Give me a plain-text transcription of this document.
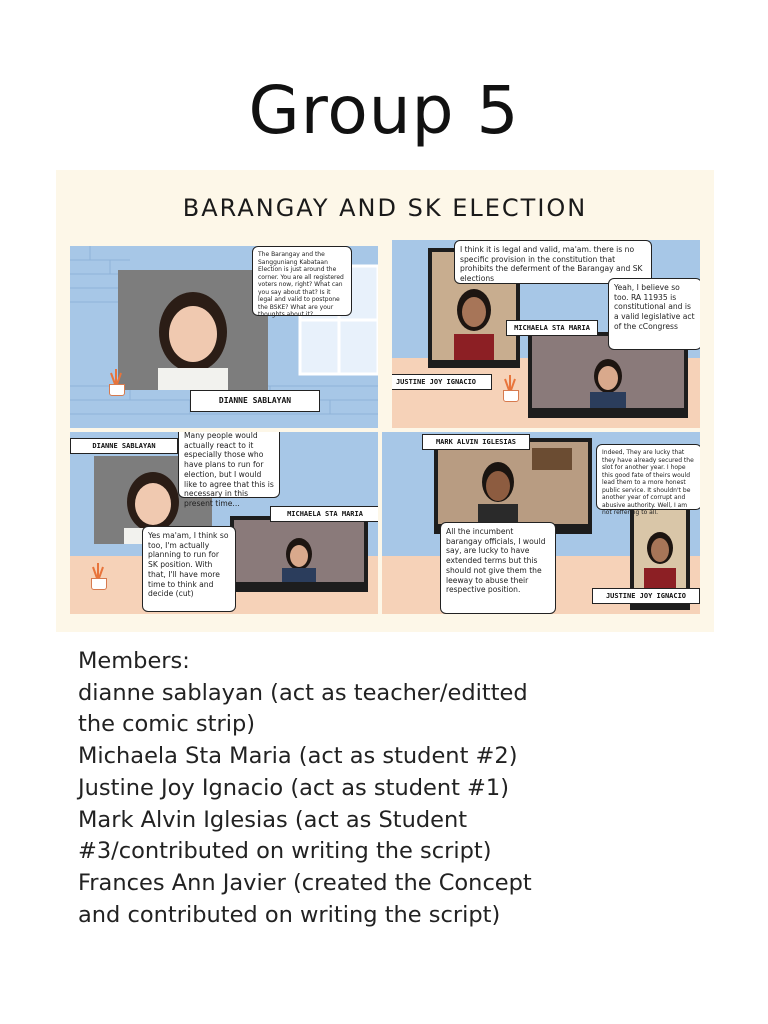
Group 5
BARANGAY AND SK ELECTION
The Barangay and the Sangguniang Kabataan Election is just around the corner. You are all registered voters now, right? What can you say about that? Is it legal and valid to postpone the BSKE? What are your thoughts about it?
DIANNE SABLAYAN
I think it is legal and valid, ma'am. there is no specific provision in the constitution that prohibits the deferment of the Barangay and SK elections
Yeah, I believe so too. RA 11935 is constitutional and is a valid legislative act of the cCongress
MICHAELA STA MARIA
JUSTINE JOY IGNACIO
DIANNE SABLAYAN
Many people would actually react to it especially those who have plans to run for election, but I would like to agree that this is necessary in this present time...
MICHAELA STA MARIA
Yes ma'am, I think so too, I'm actually planning to run for SK position. With that, I'll have more time to think and decide (cut)
MARK ALVIN IGLESIAS
All the incumbent barangay officials, I would say, are lucky to have extended terms but this should not give them the leeway to abuse their respective position.
Indeed, They are lucky that they have already secured the slot for another year. I hope this good fate of theirs would lead them to a more honest public service. It shouldn't be another year of corrupt and abusive authority. Well, I am not reffering to all.
JUSTINE JOY IGNACIO
Members:
dianne sablayan (act as teacher/editted
the comic strip)
Michaela Sta Maria (act as student #2)
Justine Joy Ignacio (act as student #1)
Mark Alvin Iglesias (act as Student
#3/contributed on writing the script)
Frances Ann Javier (created the Concept
and contributed on writing the script)
